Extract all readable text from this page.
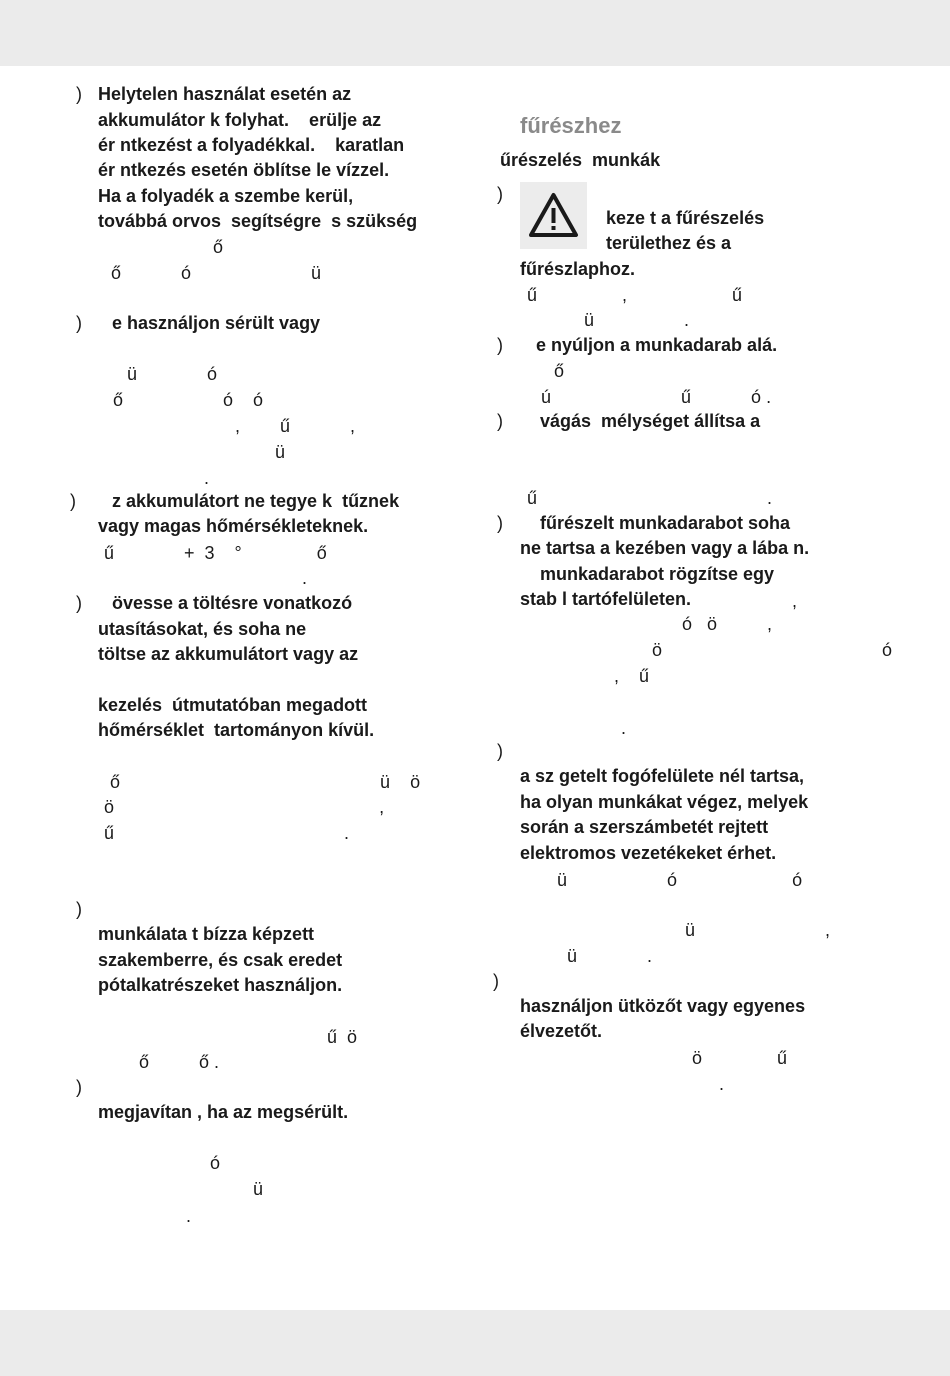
) Helytelen használat esetén az
akkumulátor k folyhat.    erülje az
ér ntkezést a folyadékkal.    karatlan
ér ntkezés esetén öblítse le vízzel.
Ha a folyadék a szembe kerül,
továbbá orvos  segítségre  s szükség
ő
ő            ó                        ü
) e használjon sérült vagy
ü              ó
ő                    ó    ó
,        ű            ,
ü
.
) z akkumulátort ne tegye k  tűznek
vagy magas hőmérsékleteknek.
ű              +  3    °               ő
.
) övesse a töltésre vonatkozó
utasításokat, és soha ne
töltse az akkumulátort vagy az
kezelés  útmutatóban megadott
hőmérséklet  tartományon kívül.
ő                                                    ü    ö
ö                                                     ,
ű                                              .
)
munkálata t bízza képzett
szakemberre, és csak eredet
pótalkatrészeket használjon.
ű  ö
ő          ő .
)
megjavítan , ha az megsérült.
ó
ü
.
fűrészhez
űrészelés  munkák
)
keze t a fűrészelés
területhez és a
fűrészlaphoz.
ű                 ,                     ű
ü                  .
) e nyúljon a munkadarab alá.
ő
ú                          ű            ó .
) vágás  mélységet állítsa a
ű                                              .
) fűrészelt munkadarabot soha
ne tartsa a kezében vagy a lába n.
munkadarabot rögzítse egy
stab l tartófelületen.	,
ó   ö          ,
ö                                            ó
,    ű
.
)
a sz getelt fogófelülete nél tartsa,
ha olyan munkákat végez, melyek
során a szerszámbetét rejtett
elektromos vezetékeket érhet.
ü                    ó                       ó
ü                          ,
ü              .
)
használjon ütközőt vagy egyenes
élvezetőt.
ö               ű
.
